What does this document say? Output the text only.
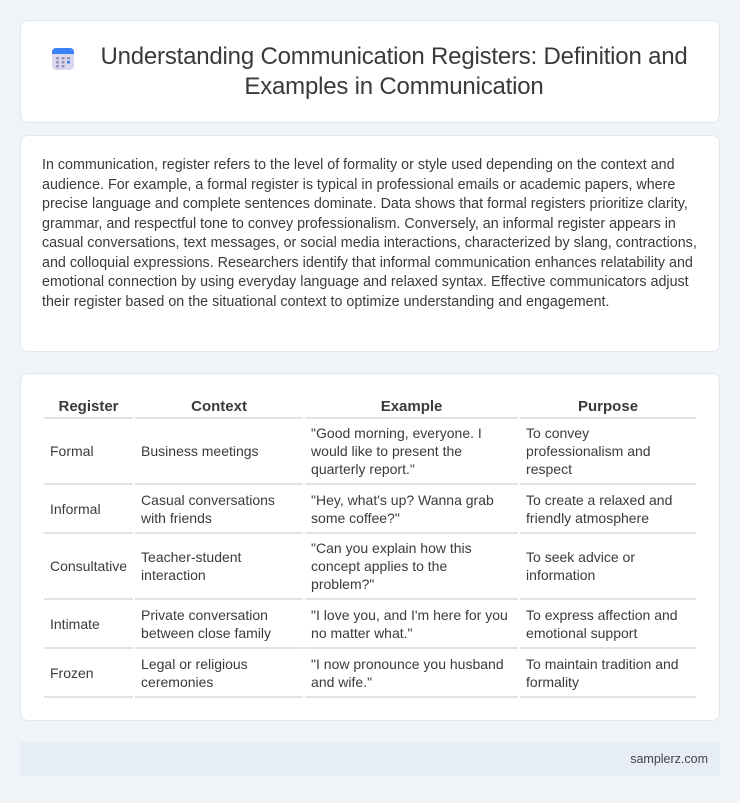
Understanding Communication Registers: Definition and Examples in Communication

In communication, register refers to the level of formality or style used depending on the context and audience. For example, a formal register is typical in professional emails or academic papers, where precise language and complete sentences dominate. Data shows that formal registers prioritize clarity, grammar, and respectful tone to convey professionalism. Conversely, an informal register appears in casual conversations, text messages, or social media interactions, characterized by slang, contractions, and colloquial expressions. Researchers identify that informal communication enhances relatability and emotional connection by using everyday language and relaxed syntax. Effective communicators adjust their register based on the situational context to optimize understanding and engagement.

Register	Context	Example	Purpose
Formal	Business meetings	"Good morning, everyone. I would like to present the quarterly report."	To convey professionalism and respect
Informal	Casual conversations with friends	"Hey, what's up? Wanna grab some coffee?"	To create a relaxed and friendly atmosphere
Consultative	Teacher-student interaction	"Can you explain how this concept applies to the problem?"	To seek advice or information
Intimate	Private conversation between close family	"I love you, and I'm here for you no matter what."	To express affection and emotional support
Frozen	Legal or religious ceremonies	"I now pronounce you husband and wife."	To maintain tradition and formality
samplerz.com
